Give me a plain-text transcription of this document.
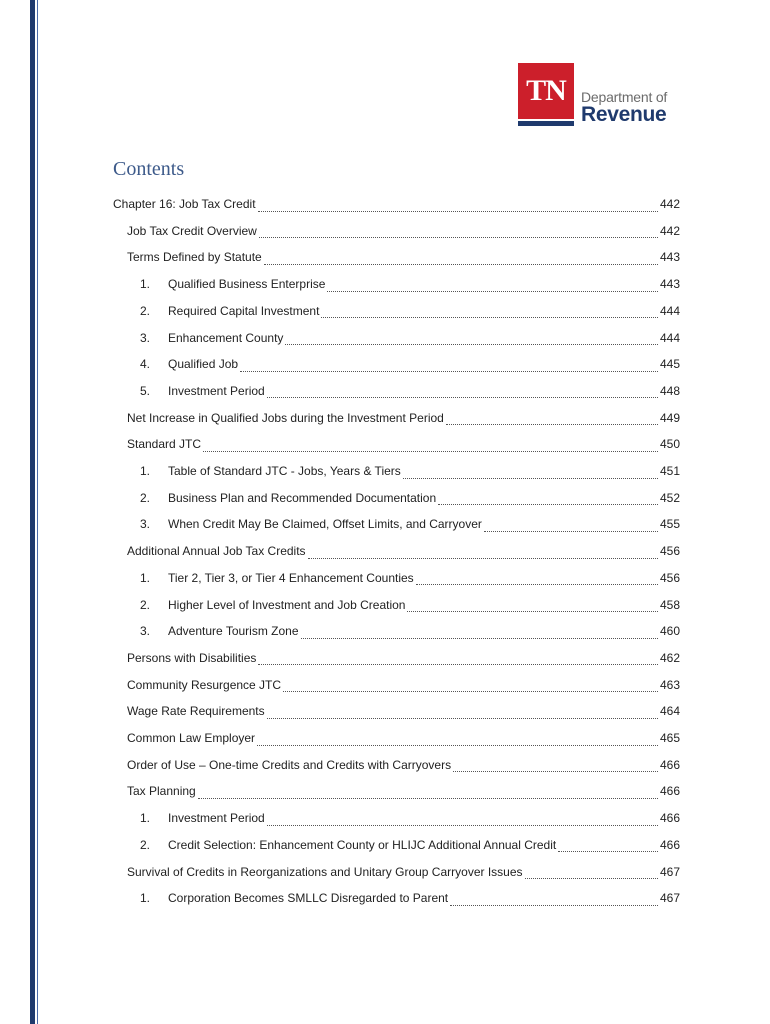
TN	Department of
Revenue
Contents
Chapter 16: Job Tax Credit	442
Job Tax Credit Overview	442
Terms Defined by Statute	443
1.	Qualified Business Enterprise	443
2.	Required Capital Investment	444
3.	Enhancement County	444
4.	Qualified Job	445
5.	Investment Period	448
Net Increase in Qualified Jobs during the Investment Period	449
Standard JTC	450
1.	Table of Standard JTC - Jobs, Years & Tiers	451
2.	Business Plan and Recommended Documentation	452
3.	When Credit May Be Claimed, Offset Limits, and Carryover	455
Additional Annual Job Tax Credits	456
1.	Tier 2, Tier 3, or Tier 4 Enhancement Counties	456
2.	Higher Level of Investment and Job Creation	458
3.	Adventure Tourism Zone	460
Persons with Disabilities	462
Community Resurgence JTC	463
Wage Rate Requirements	464
Common Law Employer	465
Order of Use – One-time Credits and Credits with Carryovers	466
Tax Planning	466
1.	Investment Period	466
2.	Credit Selection: Enhancement County or HLIJC Additional Annual Credit	466
Survival of Credits in Reorganizations and Unitary Group Carryover Issues	467
1.	Corporation Becomes SMLLC Disregarded to Parent	467
